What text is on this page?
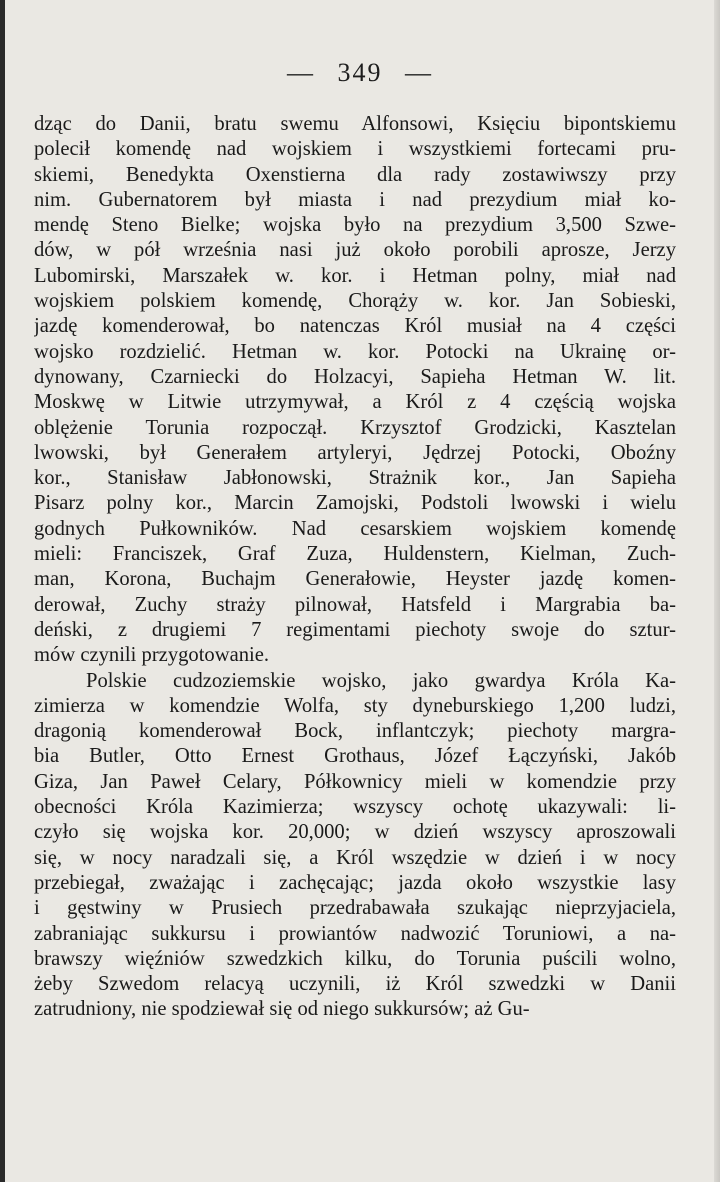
— 349 —
dząc do Danii, bratu swemu Alfonsowi, Księciu bipontskiemu
polecił komendę nad wojskiem i wszystkiemi fortecami pru-
skiemi, Benedykta Oxenstierna dla rady zostawiwszy przy
nim. Gubernatorem był miasta i nad prezydium miał ko-
mendę Steno Bielke; wojska było na prezydium 3,500 Szwe-
dów, w pół września nasi już około porobili aprosze, Jerzy
Lubomirski, Marszałek w. kor. i Hetman polny, miał nad
wojskiem polskiem komendę, Chorąży w. kor. Jan Sobieski,
jazdę komenderował, bo natenczas Król musiał na 4 części
wojsko rozdzielić. Hetman w. kor. Potocki na Ukrainę or-
dynowany, Czarniecki do Holzacyi, Sapieha Hetman W. lit.
Moskwę w Litwie utrzymywał, a Król z 4 częścią wojska
oblężenie Torunia rozpoczął. Krzysztof Grodzicki, Kasztelan
lwowski, był Generałem artyleryi, Jędrzej Potocki, Oboźny
kor., Stanisław Jabłonowski, Strażnik kor., Jan Sapieha
Pisarz polny kor., Marcin Zamojski, Podstoli lwowski i wielu
godnych Pułkowników. Nad cesarskiem wojskiem komendę
mieli: Franciszek, Graf Zuza, Huldenstern, Kielman, Zuch-
man, Korona, Buchajm Generałowie, Heyster jazdę komen-
derował, Zuchy straży pilnował, Hatsfeld i Margrabia ba-
deński, z drugiemi 7 regimentami piechoty swoje do sztur-
mów czynili przygotowanie.
Polskie cudzoziemskie wojsko, jako gwardya Króla Ka-
zimierza w komendzie Wolfa, sty dyneburskiego 1,200 ludzi,
dragonią komenderował Bock, inflantczyk; piechoty margra-
bia Butler, Otto Ernest Grothaus, Józef Łączyński, Jakób
Giza, Jan Paweł Celary, Półkownicy mieli w komendzie przy
obecności Króla Kazimierza; wszyscy ochotę ukazywali: li-
czyło się wojska kor. 20,000; w dzień wszyscy aproszowali
się, w nocy naradzali się, a Król wszędzie w dzień i w nocy
przebiegał, zważając i zachęcając; jazda około wszystkie lasy
i gęstwiny w Prusiech przedrabawała szukając nieprzyjaciela,
zabraniając sukkursu i prowiantów nadwozić Toruniowi, a na-
brawszy więźniów szwedzkich kilku, do Torunia puścili wolno,
żeby Szwedom relacyą uczynili, iż Król szwedzki w Danii
zatrudniony, nie spodziewał się od niego sukkursów; aż Gu-
